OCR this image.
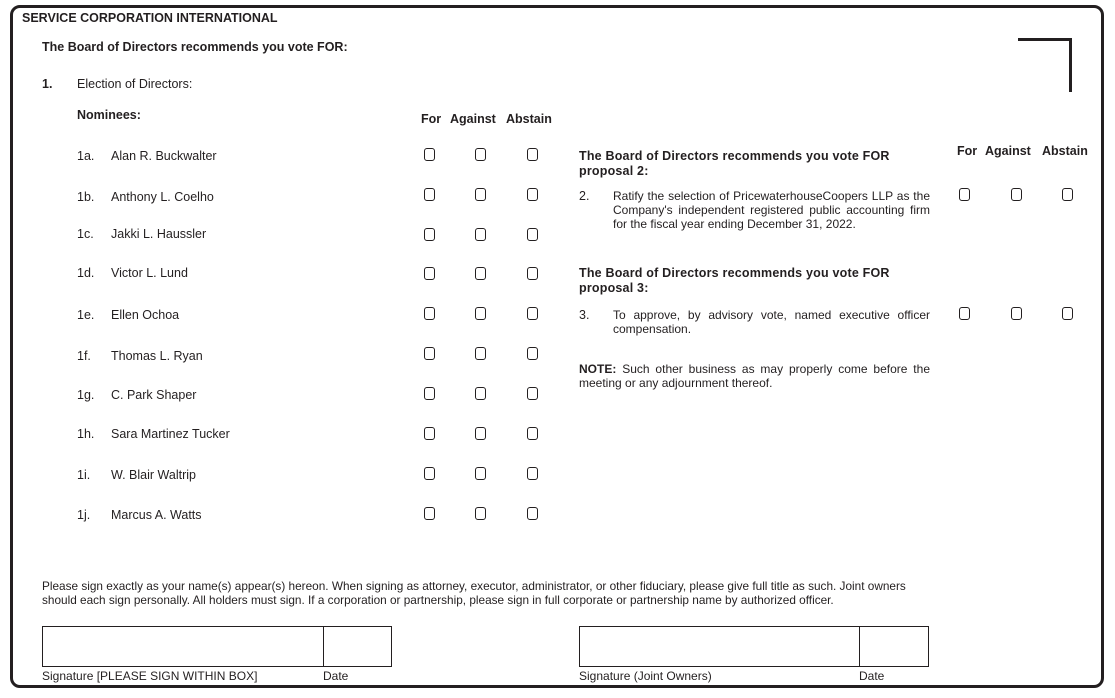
SERVICE CORPORATION INTERNATIONAL
The Board of Directors recommends you vote FOR:
1. Election of Directors:
Nominees:	For Against Abstain
1a. Alan R. Buckwalter
1b. Anthony L. Coelho
1c. Jakki L. Haussler
1d. Victor L. Lund
1e. Ellen Ochoa
1f. Thomas L. Ryan
1g. C. Park Shaper
1h. Sara Martinez Tucker
1i. W. Blair Waltrip
1j. Marcus A. Watts
For Against Abstain
The Board of Directors recommends you vote FOR proposal 2:
2. Ratify the selection of PricewaterhouseCoopers LLP as the Company's independent registered public accounting firm for the fiscal year ending December 31, 2022.
The Board of Directors recommends you vote FOR proposal 3:
3. To approve, by advisory vote, named executive officer compensation.
NOTE: Such other business as may properly come before the meeting or any adjournment thereof.
Please sign exactly as your name(s) appear(s) hereon. When signing as attorney, executor, administrator, or other fiduciary, please give full title as such. Joint owners should each sign personally. All holders must sign. If a corporation or partnership, please sign in full corporate or partnership name by authorized officer.
Signature [PLEASE SIGN WITHIN BOX]	Date	Signature (Joint Owners)	Date
